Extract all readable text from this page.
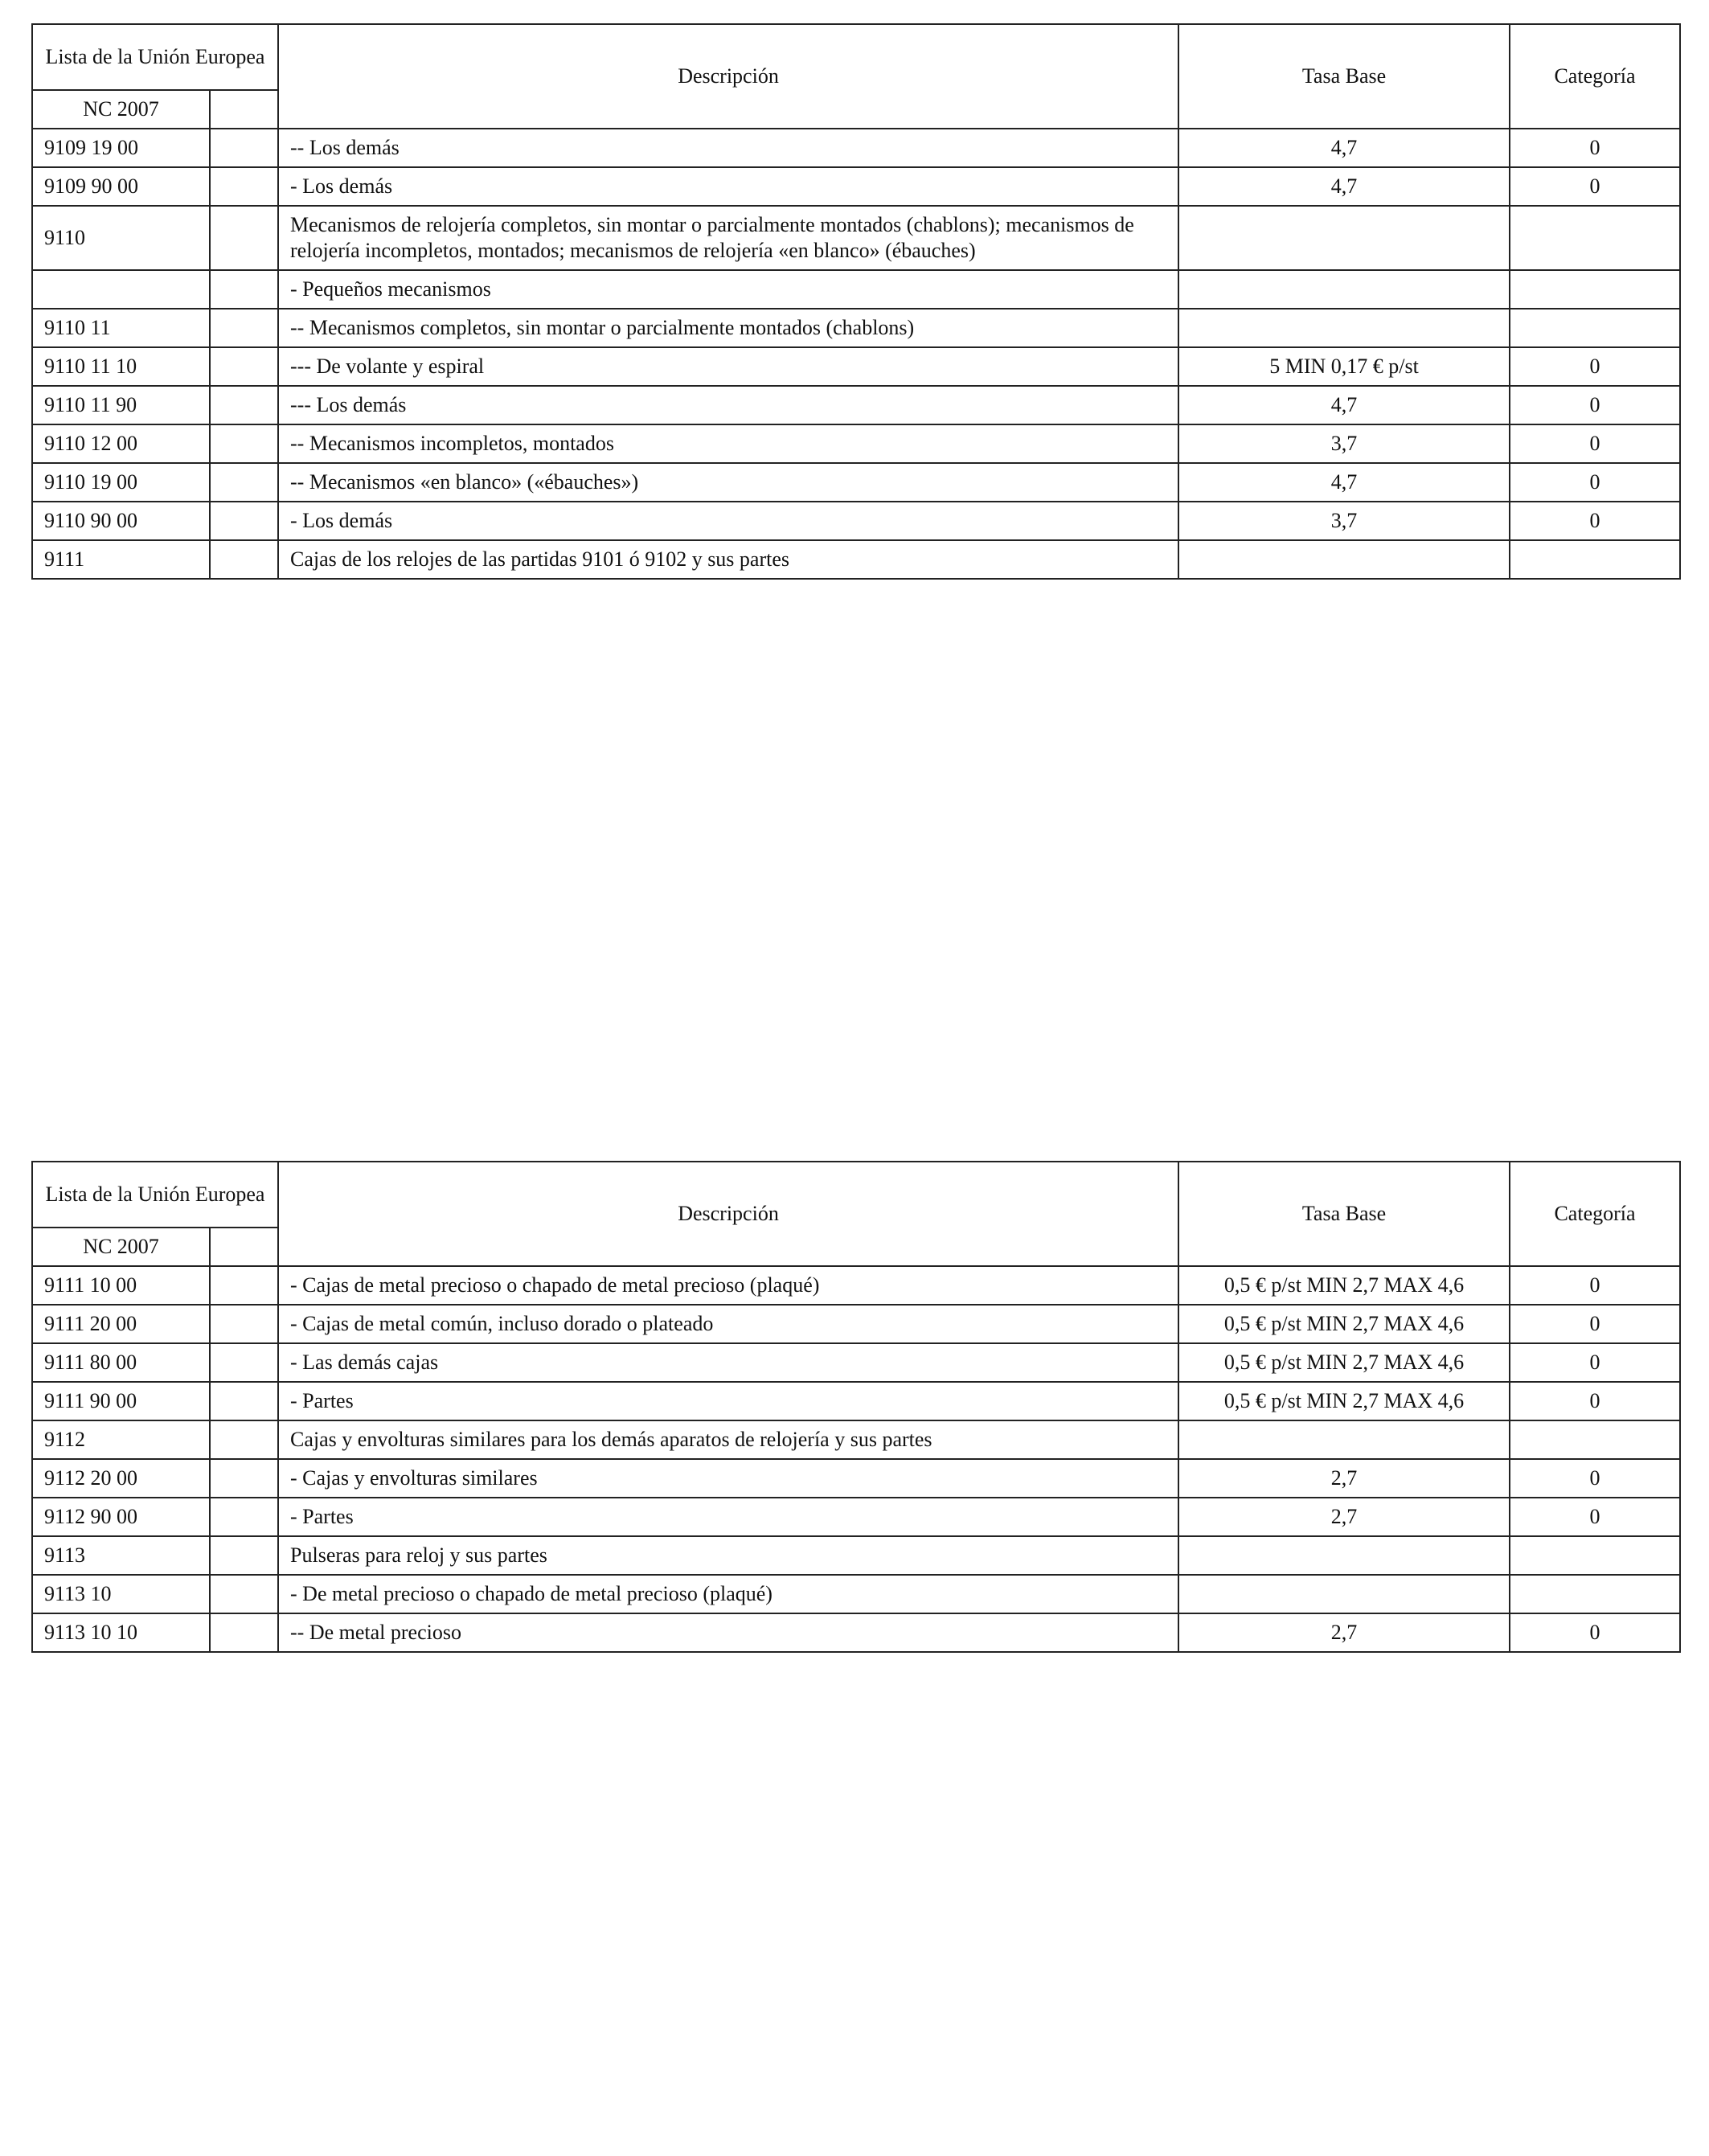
Lista de la Unión Europea		Descripción	Tasa Base	Categoría
NC 2007				
9109 19 00		-- Los demás	4,7	0
9109 90 00		- Los demás	4,7	0
9110		Mecanismos de relojería completos, sin montar o parcialmente montados (chablons); mecanismos de relojería incompletos, montados; mecanismos de relojería «en blanco» (ébauches)		
		- Pequeños mecanismos		
9110 11		-- Mecanismos completos, sin montar o parcialmente montados (chablons)		
9110 11 10		--- De volante y espiral	5 MIN 0,17 € p/st	0
9110 11 90		--- Los demás	4,7	0
9110 12 00		-- Mecanismos incompletos, montados	3,7	0
9110 19 00		-- Mecanismos «en blanco» («ébauches»)	4,7	0
9110 90 00		- Los demás	3,7	0
9111		Cajas de los relojes de las partidas 9101 ó 9102 y sus partes		
Lista de la Unión Europea		Descripción	Tasa Base	Categoría
NC 2007				
9111 10 00		- Cajas de metal precioso o chapado de metal precioso (plaqué)	0,5 € p/st MIN 2,7 MAX 4,6	0
9111 20 00		- Cajas de metal común, incluso dorado o plateado	0,5 € p/st MIN 2,7 MAX 4,6	0
9111 80 00		- Las demás cajas	0,5 € p/st MIN 2,7 MAX 4,6	0
9111 90 00		- Partes	0,5 € p/st MIN 2,7 MAX 4,6	0
9112		Cajas y envolturas similares para los demás aparatos de relojería y sus partes		
9112 20 00		- Cajas y envolturas similares	2,7	0
9112 90 00		- Partes	2,7	0
9113		Pulseras para reloj y sus partes		
9113 10		- De metal precioso o chapado de metal precioso (plaqué)		
9113 10 10		-- De metal precioso	2,7	0
